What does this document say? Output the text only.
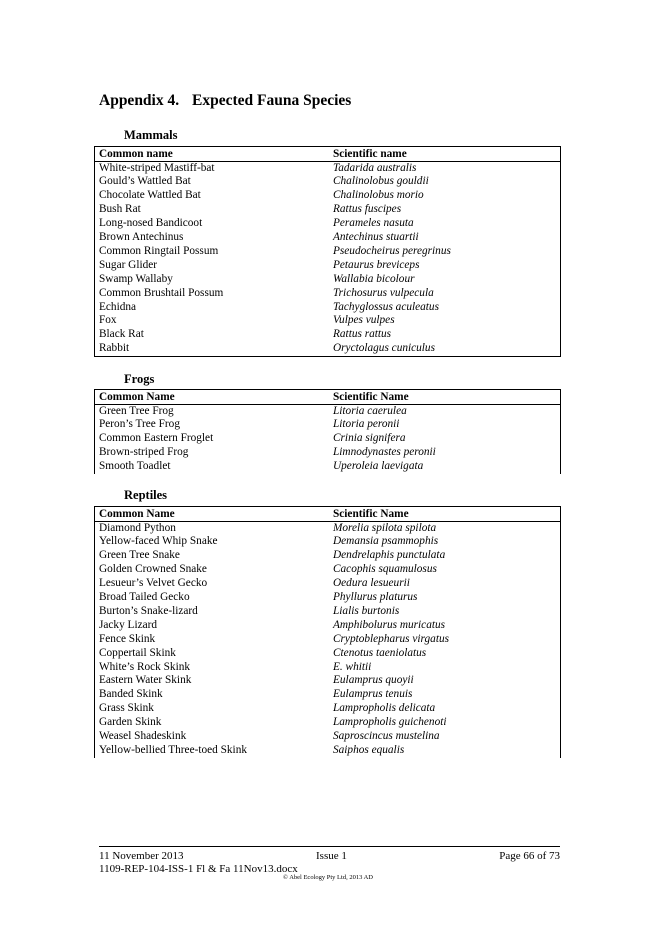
Appendix 4. Expected Fauna Species
Mammals
Common name	Scientific name
White-striped Mastiff-bat	Tadarida australis
Gould’s Wattled Bat	Chalinolobus gouldii
Chocolate Wattled Bat	Chalinolobus morio
Bush Rat	Rattus fuscipes
Long-nosed Bandicoot	Perameles nasuta
Brown Antechinus	Antechinus stuartii
Common Ringtail Possum	Pseudocheirus peregrinus
Sugar Glider	Petaurus breviceps
Swamp Wallaby	Wallabia bicolour
Common Brushtail Possum	Trichosurus vulpecula
Echidna	Tachyglossus aculeatus
Fox	Vulpes vulpes
Black Rat	Rattus rattus
Rabbit	Oryctolagus cuniculus
Frogs
Common Name	Scientific Name
Green Tree Frog	Litoria caerulea
Peron’s Tree Frog	Litoria peronii
Common Eastern Froglet	Crinia signifera
Brown-striped Frog	Limnodynastes peronii
Smooth Toadlet	Uperoleia laevigata
Reptiles
Common Name	Scientific Name
Diamond Python	Morelia spilota spilota
Yellow-faced Whip Snake	Demansia psammophis
Green Tree Snake	Dendrelaphis punctulata
Golden Crowned Snake	Cacophis squamulosus
Lesueur’s Velvet Gecko	Oedura lesueurii
Broad Tailed Gecko	Phyllurus platurus
Burton’s Snake-lizard	Lialis burtonis
Jacky Lizard	Amphibolurus muricatus
Fence Skink	Cryptoblepharus virgatus
Coppertail Skink	Ctenotus taeniolatus
White’s Rock Skink	E. whitii
Eastern Water Skink	Eulamprus quoyii
Banded Skink	Eulamprus tenuis
Grass Skink	Lampropholis delicata
Garden Skink	Lampropholis guichenoti
Weasel Shadeskink	Saproscincus mustelina
Yellow-bellied Three-toed Skink	Saiphos equalis
11 November 2013	Issue 1	Page 66 of 73
1109-REP-104-ISS-1 Fl & Fa 11Nov13.docx
© Abel Ecology Pty Ltd, 2013 AD
